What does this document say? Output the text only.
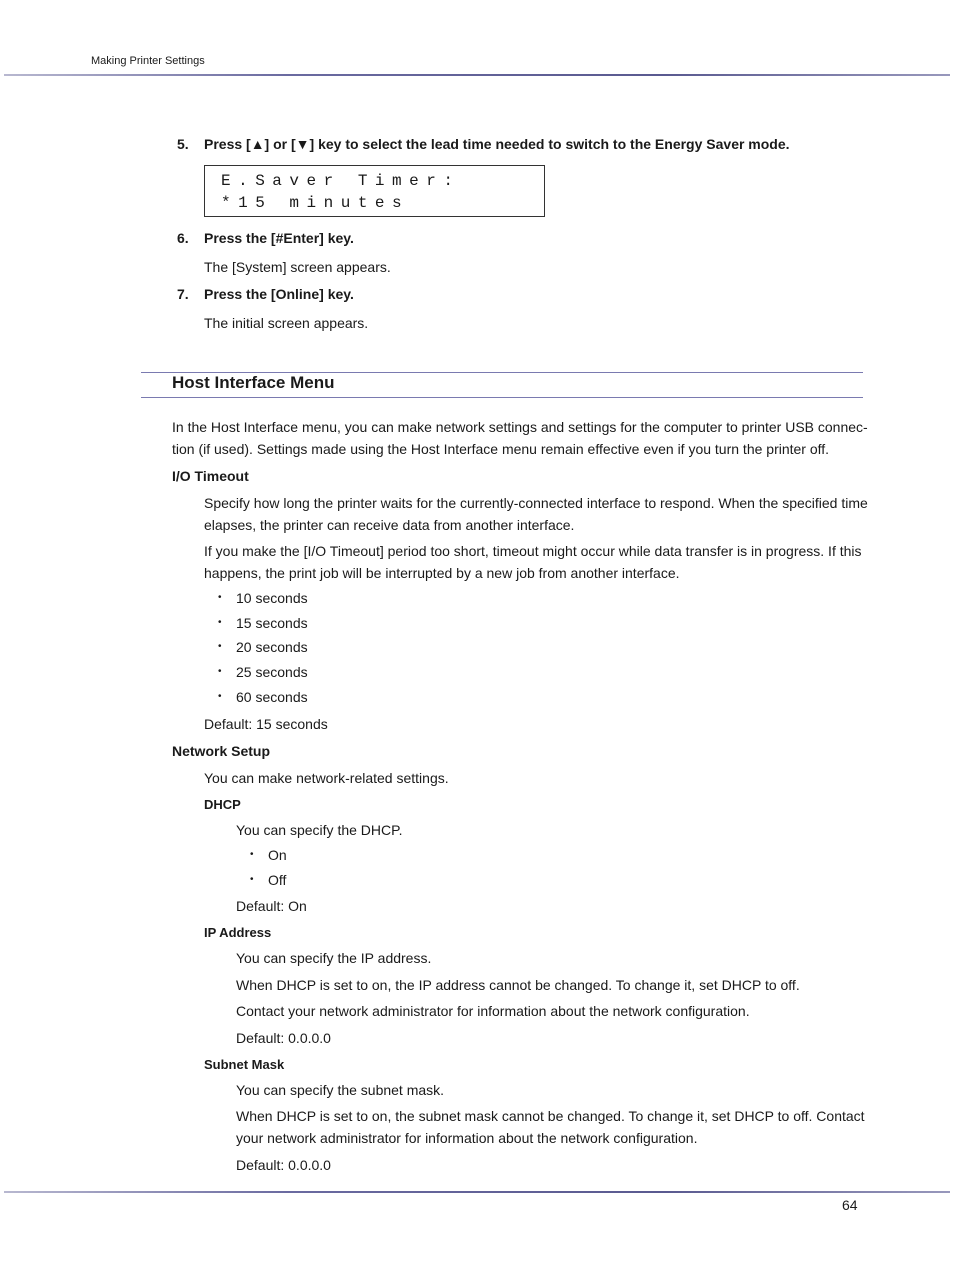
Making Printer Settings
5. Press [▲] or [▼] key to select the lead time needed to switch to the Energy Saver mode.
E.Saver Timer:
*15 minutes
6. Press the [#Enter] key.
The [System] screen appears.
7. Press the [Online] key.
The initial screen appears.
Host Interface Menu
In the Host Interface menu, you can make network settings and settings for the computer to printer USB connec-
tion (if used). Settings made using the Host Interface menu remain effective even if you turn the printer off.
I/O Timeout
Specify how long the printer waits for the currently-connected interface to respond. When the specified time
elapses, the printer can receive data from another interface.
If you make the [I/O Timeout] period too short, timeout might occur while data transfer is in progress. If this
happens, the print job will be interrupted by a new job from another interface.
• 10 seconds
• 15 seconds
• 20 seconds
• 25 seconds
• 60 seconds
Default: 15 seconds
Network Setup
You can make network-related settings.
DHCP
You can specify the DHCP.
• On
• Off
Default: On
IP Address
You can specify the IP address.
When DHCP is set to on, the IP address cannot be changed. To change it, set DHCP to off.
Contact your network administrator for information about the network configuration.
Default: 0.0.0.0
Subnet Mask
You can specify the subnet mask.
When DHCP is set to on, the subnet mask cannot be changed. To change it, set DHCP to off. Contact
your network administrator for information about the network configuration.
Default: 0.0.0.0
64
